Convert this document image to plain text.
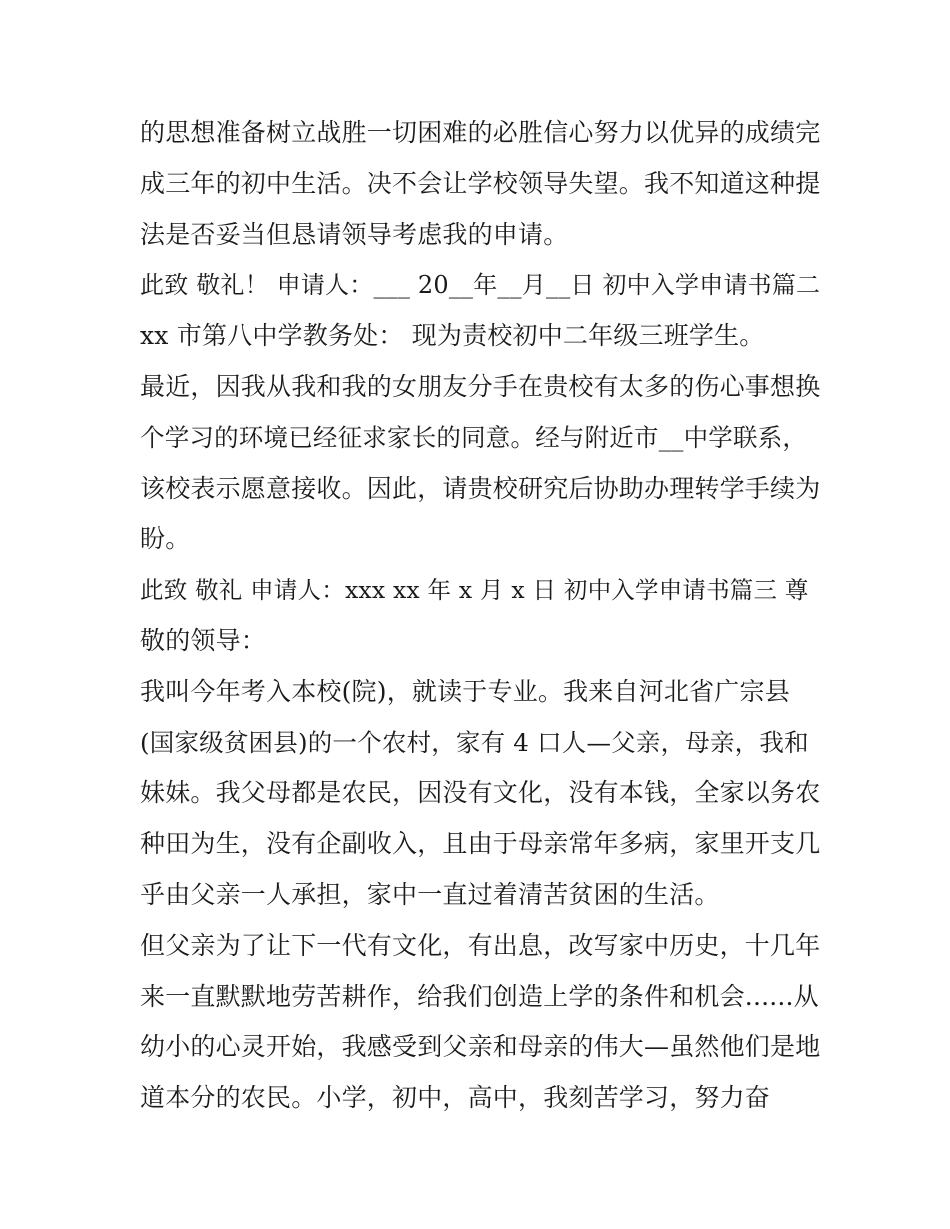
的思想准备树立战胜一切困难的必胜信心努力以优异的成绩完
成三年的初中生活。决不会让学校领导失望。我不知道这种提
法是否妥当但恳请领导考虑我的申请。
此致 敬礼！ 申请人：___ 20__年__月__日 初中入学申请书篇二
xx 市第八中学教务处： 现为责校初中二年级三班学生。
最近，因我从我和我的女朋友分手在贵校有太多的伤心事想换
个学习的环境已经征求家长的同意。经与附近市__中学联系，
该校表示愿意接收。因此，请贵校研究后协助办理转学手续为
盼。
此致 敬礼 申请人：xxx xx 年 x 月 x 日 初中入学申请书篇三 尊
敬的领导：
我叫今年考入本校(院)，就读于专业。我来自河北省广宗县
(国家级贫困县)的一个农村，家有 4 口人—父亲，母亲，我和
妹妹。我父母都是农民，因没有文化，没有本钱，全家以务农
种田为生，没有企副收入，且由于母亲常年多病，家里开支几
乎由父亲一人承担，家中一直过着清苦贫困的生活。
但父亲为了让下一代有文化，有出息，改写家中历史，十几年
来一直默默地劳苦耕作，给我们创造上学的条件和机会......从
幼小的心灵开始，我感受到父亲和母亲的伟大—虽然他们是地
道本分的农民。小学，初中，高中，我刻苦学习，努力奋
